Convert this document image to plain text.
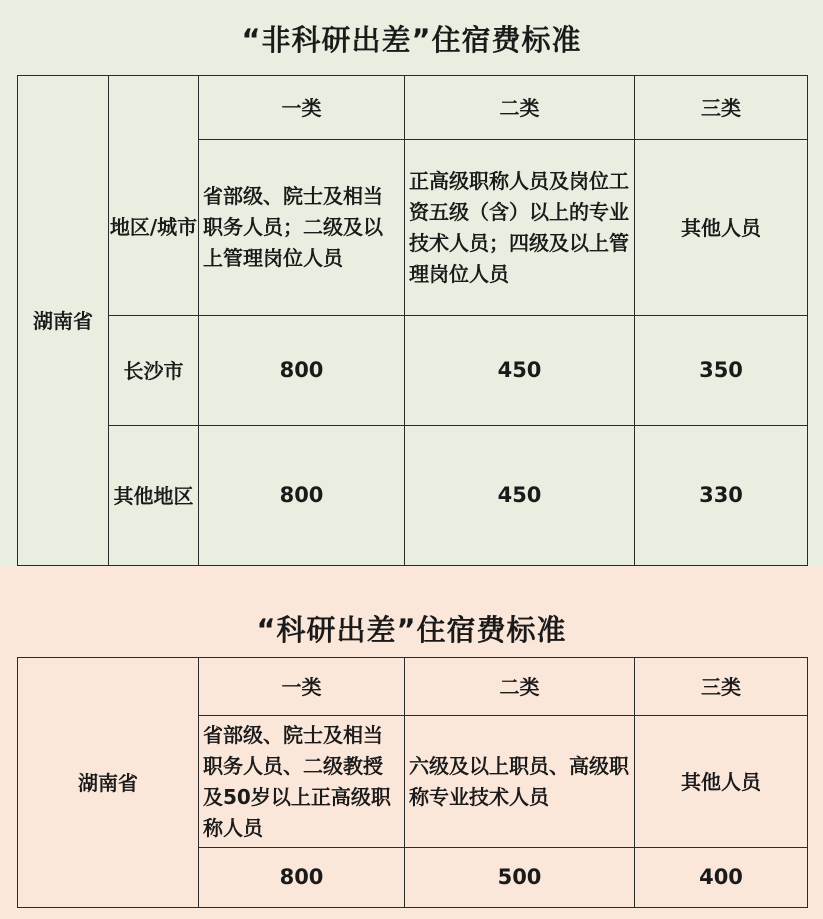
“非科研出差”住宿费标准
湖南省		一类	二类	三类
	地区/城市	省部级、院士及相当职务人员；二级及以上管理岗位人员	正高级职称人员及岗位工资五级（含）以上的专业技术人员；四级及以上管理岗位人员	其他人员
	长沙市	800	450	350
	其他地区	800	450	330
“科研出差”住宿费标准
湖南省	一类	二类	三类
	省部级、院士及相当职务人员、二级教授及50岁以上正高级职称人员	六级及以上职员、高级职称专业技术人员	其他人员
	800	500	400
